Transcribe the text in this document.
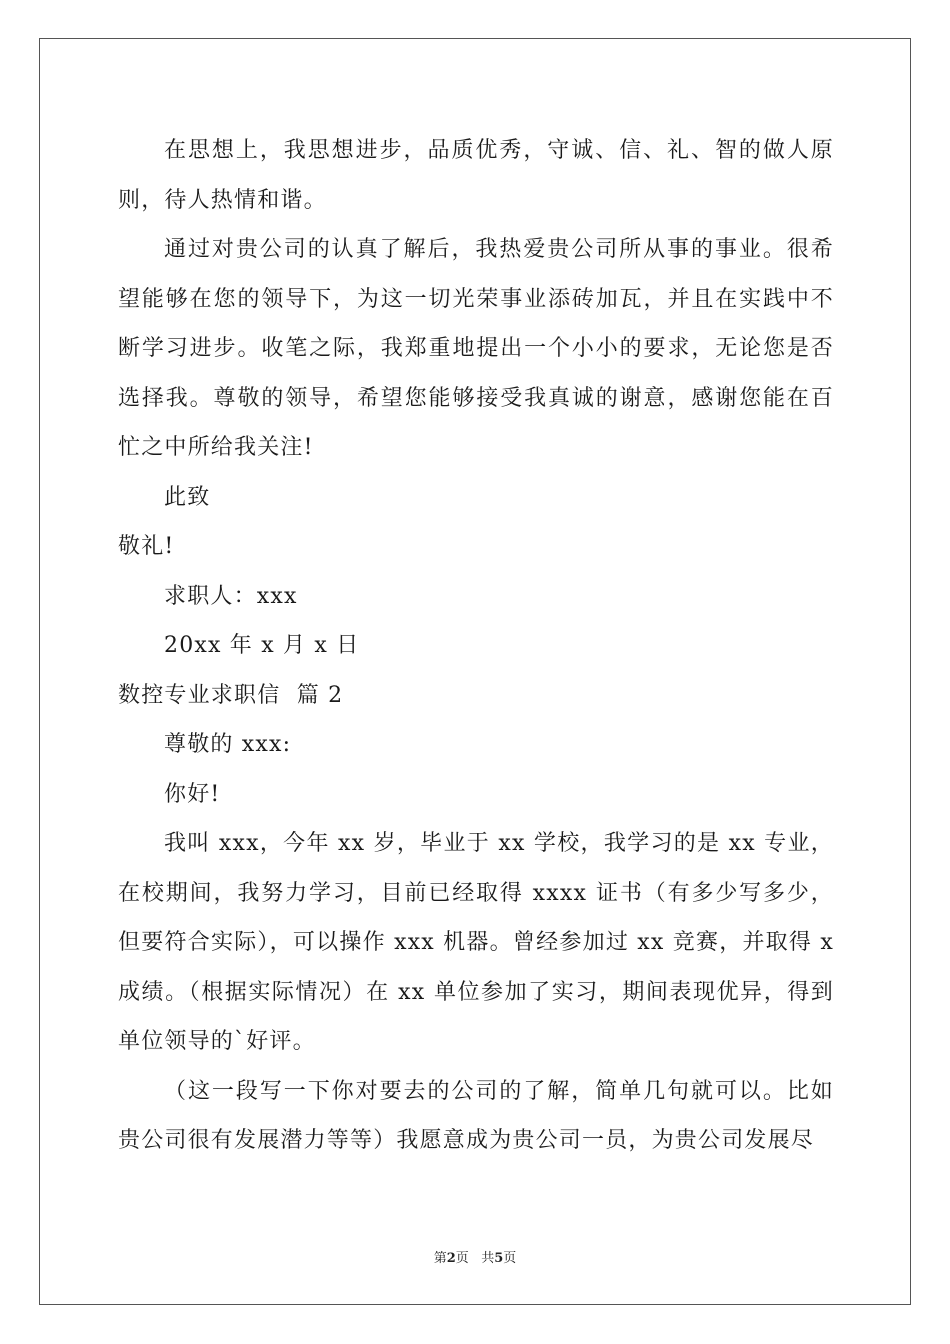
在思想上，我思想进步，品质优秀，守诚、信、礼、智的做人原则，待人热情和谐。

通过对贵公司的认真了解后，我热爱贵公司所从事的事业。很希望能够在您的领导下，为这一切光荣事业添砖加瓦，并且在实践中不断学习进步。收笔之际，我郑重地提出一个小小的要求，无论您是否选择我。尊敬的领导，希望您能够接受我真诚的谢意，感谢您能在百忙之中所给我关注!

此致

敬礼!

求职人：xxx

20xx 年 x 月 x 日

数控专业求职信  篇 2

尊敬的 xxx:

你好!

我叫 xxx，今年 xx 岁，毕业于 xx 学校，我学习的是 xx 专业，在校期间，我努力学习，目前已经取得 xxxx 证书（有多少写多少，但要符合实际），可以操作 xxx 机器。曾经参加过 xx 竞赛，并取得 x 成绩。（根据实际情况）在 xx 单位参加了实习，期间表现优异，得到单位领导的`好评。

（这一段写一下你对要去的公司的了解，简单几句就可以。比如贵公司很有发展潜力等等）我愿意成为贵公司一员，为贵公司发展尽

第2页 共5页
